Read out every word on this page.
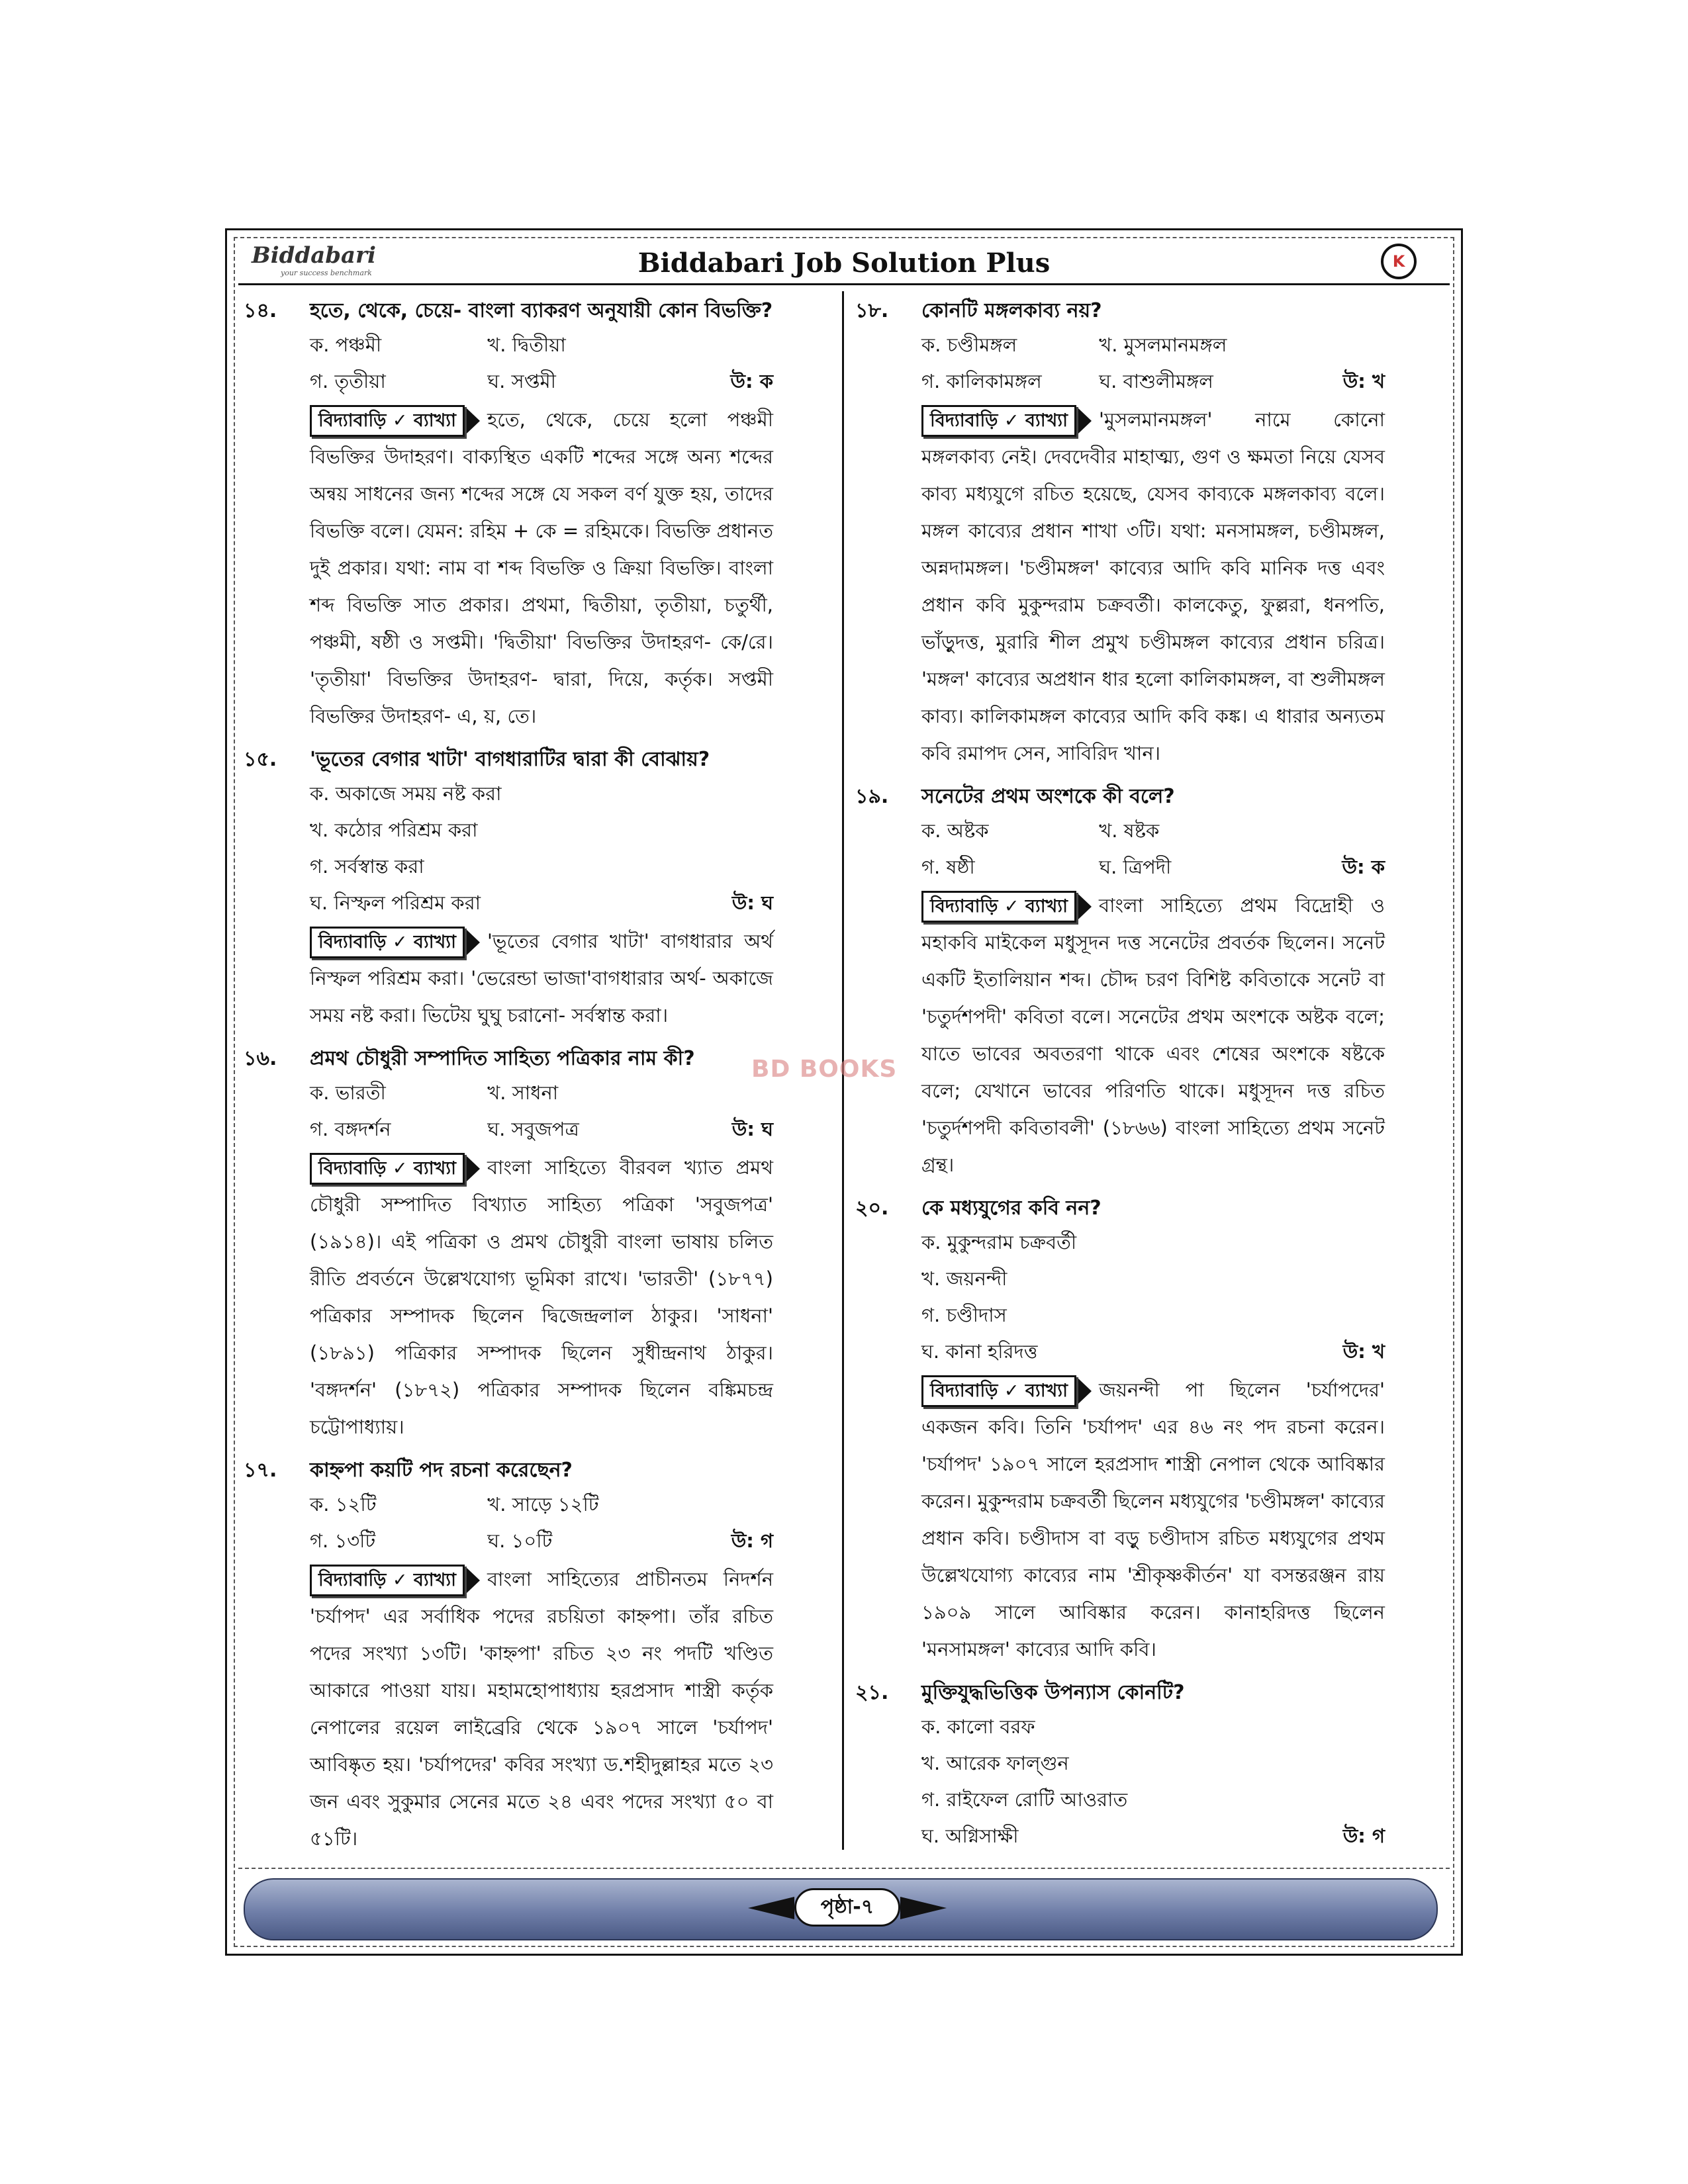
Biddabari
your success benchmark	Biddabari Job Solution Plus	K
১৪.	হতে, থেকে, চেয়ে- বাংলা ব্যাকরণ অনুযায়ী কোন বিভক্তি?
ক. পঞ্চমী	খ. দ্বিতীয়া
গ. তৃতীয়া	ঘ. সপ্তমী	উ: ক
বিদ্যাবাড়ি ✓ ব্যাখ্যা হতে, থেকে, চেয়ে হলো পঞ্চমী বিভক্তির উদাহরণ। বাক্যস্থিত একটি শব্দের সঙ্গে অন্য শব্দের অন্বয় সাধনের জন্য শব্দের সঙ্গে যে সকল বর্ণ যুক্ত হয়, তাদের বিভক্তি বলে। যেমন: রহিম + কে = রহিমকে। বিভক্তি প্রধানত দুই প্রকার। যথা: নাম বা শব্দ বিভক্তি ও ক্রিয়া বিভক্তি। বাংলা শব্দ বিভক্তি সাত প্রকার। প্রথমা, দ্বিতীয়া, তৃতীয়া, চতুর্থী, পঞ্চমী, ষষ্ঠী ও সপ্তমী। 'দ্বিতীয়া' বিভক্তির উদাহরণ- কে/রে। 'তৃতীয়া' বিভক্তির উদাহরণ- দ্বারা, দিয়ে, কর্তৃক। সপ্তমী বিভক্তির উদাহরণ- এ, য়, তে।
১৫.	'ভূতের বেগার খাটা' বাগধারাটির দ্বারা কী বোঝায়?
ক. অকাজে সময় নষ্ট করা
খ. কঠোর পরিশ্রম করা
গ. সর্বস্বান্ত করা
ঘ. নিস্ফল পরিশ্রম করা	উ: ঘ
বিদ্যাবাড়ি ✓ ব্যাখ্যা 'ভূতের বেগার খাটা' বাগধারার অর্থ নিস্ফল পরিশ্রম করা। 'ভেরেন্ডা ভাজা'বাগধারার অর্থ- অকাজে সময় নষ্ট করা। ভিটেয় ঘুঘু চরানো- সর্বস্বান্ত করা।
১৬.	প্রমথ চৌধুরী সম্পাদিত সাহিত্য পত্রিকার নাম কী?
ক. ভারতী	খ. সাধনা
গ. বঙ্গদর্শন	ঘ. সবুজপত্র	উ: ঘ
বিদ্যাবাড়ি ✓ ব্যাখ্যা বাংলা সাহিত্যে বীরবল খ্যাত প্রমথ চৌধুরী সম্পাদিত বিখ্যাত সাহিত্য পত্রিকা 'সবুজপত্র' (১৯১৪)। এই পত্রিকা ও প্রমথ চৌধুরী বাংলা ভাষায় চলিত রীতি প্রবর্তনে উল্লেখযোগ্য ভূমিকা রাখে। 'ভারতী' (১৮৭৭) পত্রিকার সম্পাদক ছিলেন দ্বিজেন্দ্রলাল ঠাকুর। 'সাধনা' (১৮৯১) পত্রিকার সম্পাদক ছিলেন সুধীন্দ্রনাথ ঠাকুর। 'বঙ্গদর্শন' (১৮৭২) পত্রিকার সম্পাদক ছিলেন বঙ্কিমচন্দ্র চট্টোপাধ্যায়।
১৭.	কাহ্নপা কয়টি পদ রচনা করেছেন?
ক. ১২টি	খ. সাড়ে ১২টি
গ. ১৩টি	ঘ. ১০টি	উ: গ
বিদ্যাবাড়ি ✓ ব্যাখ্যা বাংলা সাহিত্যের প্রাচীনতম নিদর্শন 'চর্যাপদ' এর সর্বাধিক পদের রচয়িতা কাহ্নপা। তাঁর রচিত পদের সংখ্যা ১৩টি। 'কাহ্নপা' রচিত ২৩ নং পদটি খণ্ডিত আকারে পাওয়া যায়। মহামহোপাধ্যায় হরপ্রসাদ শাস্ত্রী কর্তৃক নেপালের রয়েল লাইব্রেরি থেকে ১৯০৭ সালে 'চর্যাপদ' আবিষ্কৃত হয়। 'চর্যাপদের' কবির সংখ্যা ড.শহীদুল্লাহর মতে ২৩ জন এবং সুকুমার সেনের মতে ২৪ এবং পদের সংখ্যা ৫০ বা ৫১টি।
১৮.	কোনটি মঙ্গলকাব্য নয়?
ক. চণ্ডীমঙ্গল	খ. মুসলমানমঙ্গল
গ. কালিকামঙ্গল	ঘ. বাশুলীমঙ্গল	উ: খ
বিদ্যাবাড়ি ✓ ব্যাখ্যা 'মুসলমানমঙ্গল' নামে কোনো মঙ্গলকাব্য নেই। দেবদেবীর মাহাত্ম্য, গুণ ও ক্ষমতা নিয়ে যেসব কাব্য মধ্যযুগে রচিত হয়েছে, যেসব কাব্যকে মঙ্গলকাব্য বলে। মঙ্গল কাব্যের প্রধান শাখা ৩টি। যথা: মনসামঙ্গল, চণ্ডীমঙ্গল, অন্নদামঙ্গল। 'চণ্ডীমঙ্গল' কাব্যের আদি কবি মানিক দত্ত এবং প্রধান কবি মুকুন্দরাম চক্রবর্তী। কালকেতু, ফুল্লরা, ধনপতি, ভাঁড়ুদত্ত, মুরারি শীল প্রমুখ চণ্ডীমঙ্গল কাব্যের প্রধান চরিত্র। 'মঙ্গল' কাব্যের অপ্রধান ধার হলো কালিকামঙ্গল, বা শুলীমঙ্গল কাব্য। কালিকামঙ্গল কাব্যের আদি কবি কঙ্ক। এ ধারার অন্যতম কবি রমাপদ সেন, সাবিরিদ খান।
১৯.	সনেটের প্রথম অংশকে কী বলে?
ক. অষ্টক	খ. ষষ্টক
গ. ষষ্ঠী	ঘ. ত্রিপদী	উ: ক
বিদ্যাবাড়ি ✓ ব্যাখ্যা বাংলা সাহিত্যে প্রথম বিদ্রোহী ও মহাকবি মাইকেল মধুসূদন দত্ত সনেটের প্রবর্তক ছিলেন। সনেট একটি ইতালিয়ান শব্দ। চৌদ্দ চরণ বিশিষ্ট কবিতাকে সনেট বা 'চতুর্দশপদী' কবিতা বলে। সনেটের প্রথম অংশকে অষ্টক বলে; যাতে ভাবের অবতরণা থাকে এবং শেষের অংশকে ষষ্টকে বলে; যেখানে ভাবের পরিণতি থাকে। মধুসূদন দত্ত রচিত 'চতুর্দশপদী কবিতাবলী' (১৮৬৬) বাংলা সাহিত্যে প্রথম সনেট গ্রন্থ।
২০.	কে মধ্যযুগের কবি নন?
ক. মুকুন্দরাম চক্রবর্তী
খ. জয়নন্দী
গ. চণ্ডীদাস
ঘ. কানা হরিদত্ত	উ: খ
বিদ্যাবাড়ি ✓ ব্যাখ্যা জয়নন্দী পা ছিলেন 'চর্যাপদের' একজন কবি। তিনি 'চর্যাপদ' এর ৪৬ নং পদ রচনা করেন। 'চর্যাপদ' ১৯০৭ সালে হরপ্রসাদ শাস্ত্রী নেপাল থেকে আবিষ্কার করেন। মুকুন্দরাম চক্রবর্তী ছিলেন মধ্যযুগের 'চণ্ডীমঙ্গল' কাব্যের প্রধান কবি। চণ্ডীদাস বা বড়ু চণ্ডীদাস রচিত মধ্যযুগের প্রথম উল্লেখযোগ্য কাব্যের নাম 'শ্রীকৃষ্ণকীর্তন' যা বসন্তরঞ্জন রায় ১৯০৯ সালে আবিষ্কার করেন। কানাহরিদত্ত ছিলেন 'মনসামঙ্গল' কাব্যের আদি কবি।
২১.	মুক্তিযুদ্ধভিত্তিক উপন্যাস কোনটি?
ক. কালো বরফ
খ. আরেক ফাল্গুন
গ. রাইফেল রোটি আওরাত
ঘ. অগ্নিসাক্ষী	উ: গ
BD BOOKS
পৃষ্ঠা-৭
